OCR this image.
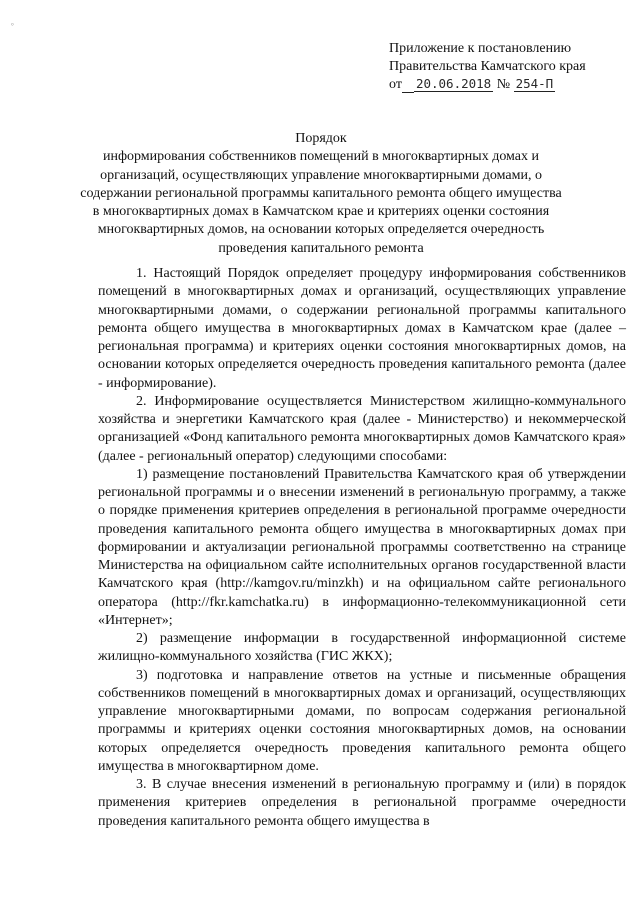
°
Приложение к постановлению
Правительства Камчатского края
от 20.06.2018 № 254-П
Порядок
информирования собственников помещений в многоквартирных домах и организаций, осуществляющих управление многоквартирными домами, о содержании региональной программы капитального ремонта общего имущества в многоквартирных домах в Камчатском крае и критериях оценки состояния многоквартирных домов, на основании которых определяется очередность проведения капитального ремонта

1. Настоящий Порядок определяет процедуру информирования собственников помещений в многоквартирных домах и организаций, осуществляющих управление многоквартирными домами, о содержании региональной программы капитального ремонта общего имущества в многоквартирных домах в Камчатском крае (далее – региональная программа) и критериях оценки состояния многоквартирных домов, на основании которых определяется очередность проведения капитального ремонта (далее - информирование).

2. Информирование осуществляется Министерством жилищно-коммунального хозяйства и энергетики Камчатского края (далее - Министерство) и некоммерческой организацией «Фонд капитального ремонта многоквартирных домов Камчатского края» (далее - региональный оператор) следующими способами:

1) размещение постановлений Правительства Камчатского края об утверждении региональной программы и о внесении изменений в региональную программу, а также о порядке применения критериев определения в региональной программе очередности проведения капитального ремонта общего имущества в многоквартирных домах при формировании и актуализации региональной программы соответственно на странице Министерства на официальном сайте исполнительных органов государственной власти Камчатского края (http://kamgov.ru/minzkh) и на официальном сайте регионального оператора (http://fkr.kamchatka.ru) в информационно-телекоммуникационной сети «Интернет»;

2) размещение информации в государственной информационной системе жилищно-коммунального хозяйства (ГИС ЖКХ);

3) подготовка и направление ответов на устные и письменные обращения собственников помещений в многоквартирных домах и организаций, осуществляющих управление многоквартирными домами, по вопросам содержания региональной программы и критериях оценки состояния многоквартирных домов, на основании которых определяется очередность проведения капитального ремонта общего имущества в многоквартирном доме.

3. В случае внесения изменений в региональную программу и (или) в порядок применения критериев определения в региональной программе очередности проведения капитального ремонта общего имущества в
